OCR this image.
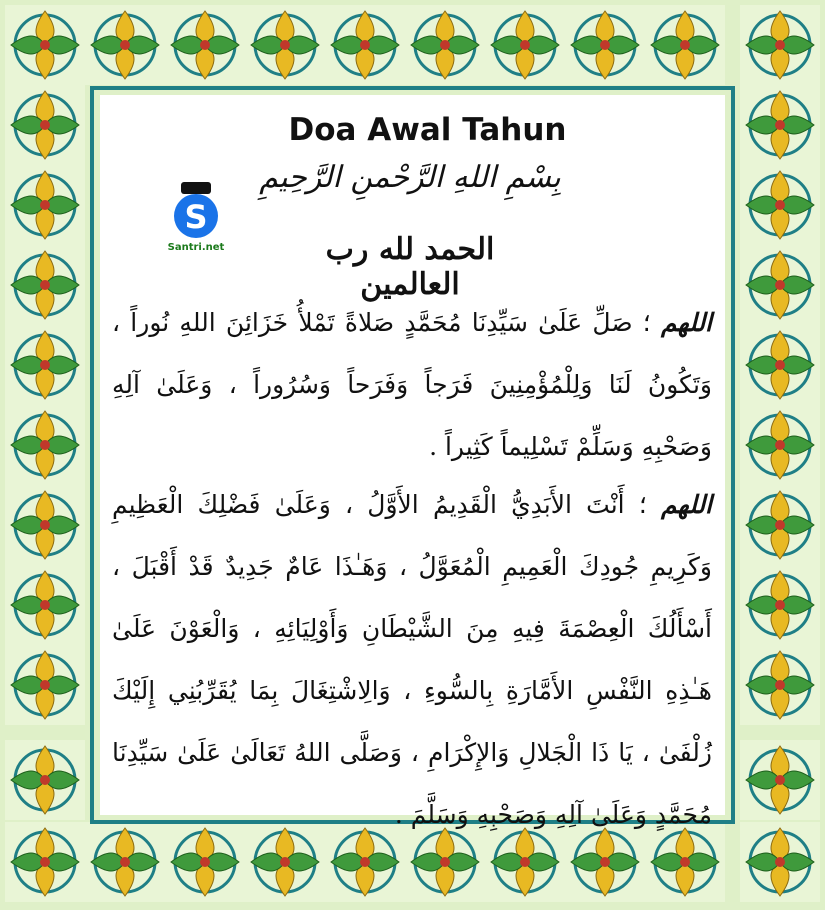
Doa Awal Tahun
S
Santri.net
بِسْمِ اللهِ الرَّحْمنِ الرَّحِيمِ
الحمد لله رب العالمين
اللهم ؛ صَلِّ عَلَىٰ سَيِّدِنَا مُحَمَّدٍ صَلاةً تَمْلأُ خَزَائِنَ اللهِ نُوراً ، وَتَكُونُ لَنَا وَلِلْمُؤْمِنِينَ فَرَجاً وَفَرَحاً وَسُرُوراً ، وَعَلَىٰ آلِهِ وَصَحْبِهِ وَسَلِّمْ تَسْلِيماً كَثِيراً .
اللهم ؛ أَنْتَ الأَبَدِيُّ الْقَدِيمُ الأَوَّلُ ، وَعَلَىٰ فَضْلِكَ الْعَظِيمِ وَكَرِيمِ جُودِكَ الْعَمِيمِ الْمُعَوَّلُ ، وَهَـٰذَا عَامٌ جَدِيدٌ قَدْ أَقْبَلَ ، أَسْأَلُكَ الْعِصْمَةَ فِيهِ مِنَ الشَّيْطَانِ وَأَوْلِيَائِهِ ، وَالْعَوْنَ عَلَىٰ هَـٰذِهِ النَّفْسِ الأَمَّارَةِ بِالسُّوءِ ، وَالِاشْتِغَالَ بِمَا يُقَرِّبُنِي إِلَيْكَ زُلْفَىٰ ، يَا ذَا الْجَلالِ وَالإِكْرَامِ ، وَصَلَّى اللهُ تَعَالَىٰ عَلَىٰ سَيِّدِنَا مُحَمَّدٍ وَعَلَىٰ آلِهِ وَصَحْبِهِ وَسَلَّمَ .
